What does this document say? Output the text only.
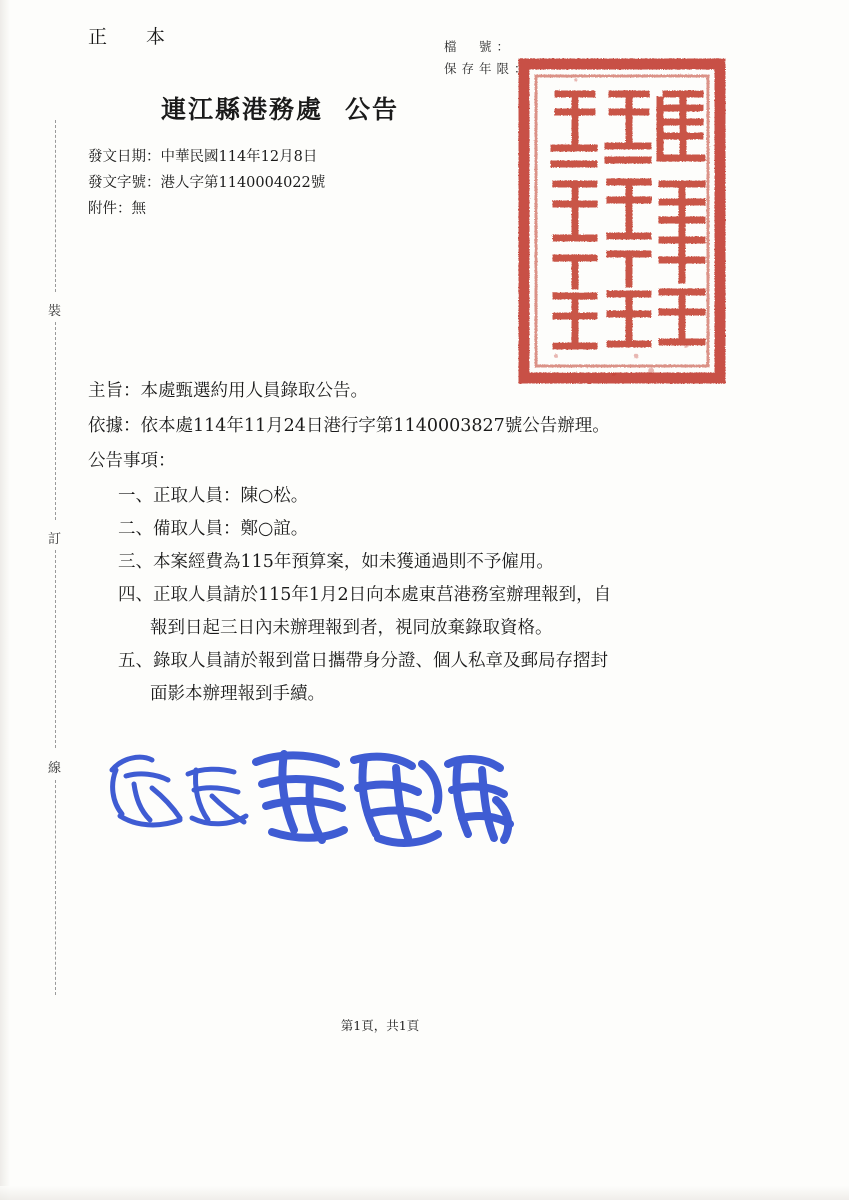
正　本	檔　號：
保存年限：
連江縣港務處 公告
發文日期：中華民國114年12月8日
發文字號：港人字第1140004022號
附件：無
裝
訂
線

主旨：本處甄選約用人員錄取公告。

依據：依本處114年11月24日港行字第1140003827號公告辦理。

公告事項：

一、正取人員：陳○松。
二、備取人員：鄭○誼。
三、本案經費為115年預算案，如未獲通過則不予僱用。
四、正取人員請於115年1月2日向本處東莒港務室辦理報到，自
報到日起三日內未辦理報到者，視同放棄錄取資格。
五、錄取人員請於報到當日攜帶身分證、個人私章及郵局存摺封
面影本辦理報到手續。
第1頁，共1頁
